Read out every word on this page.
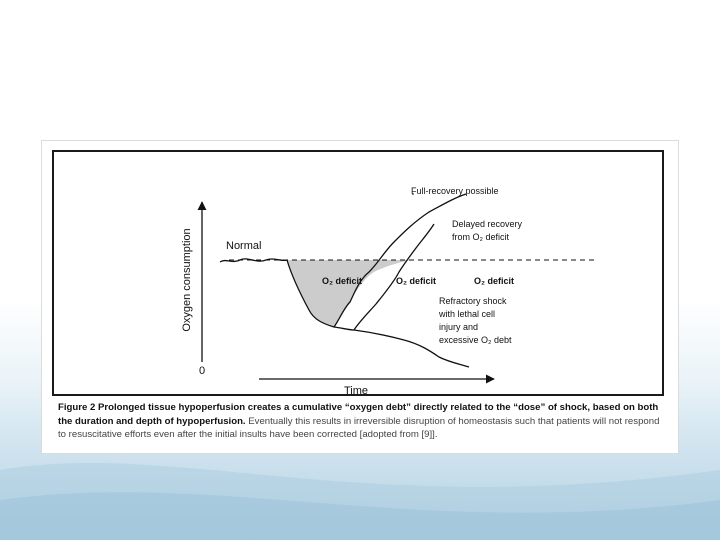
Oxygen consumption
Time
0
Normal
O₂ deficit	O₂ deficit	O₂ deficit
Full-recovery possible
Delayed recovery
from O₂ deficit
Refractory shock
with lethal cell
injury and
excessive O₂ debt

Figure 2 Prolonged tissue hypoperfusion creates a cumulative “oxygen debt” directly related to the “dose” of shock, based on both the duration and depth of hypoperfusion. Eventually this results in irreversible disruption of homeostasis such that patients will not respond to resuscitative efforts even after the initial insults have been corrected [adopted from [9]].
